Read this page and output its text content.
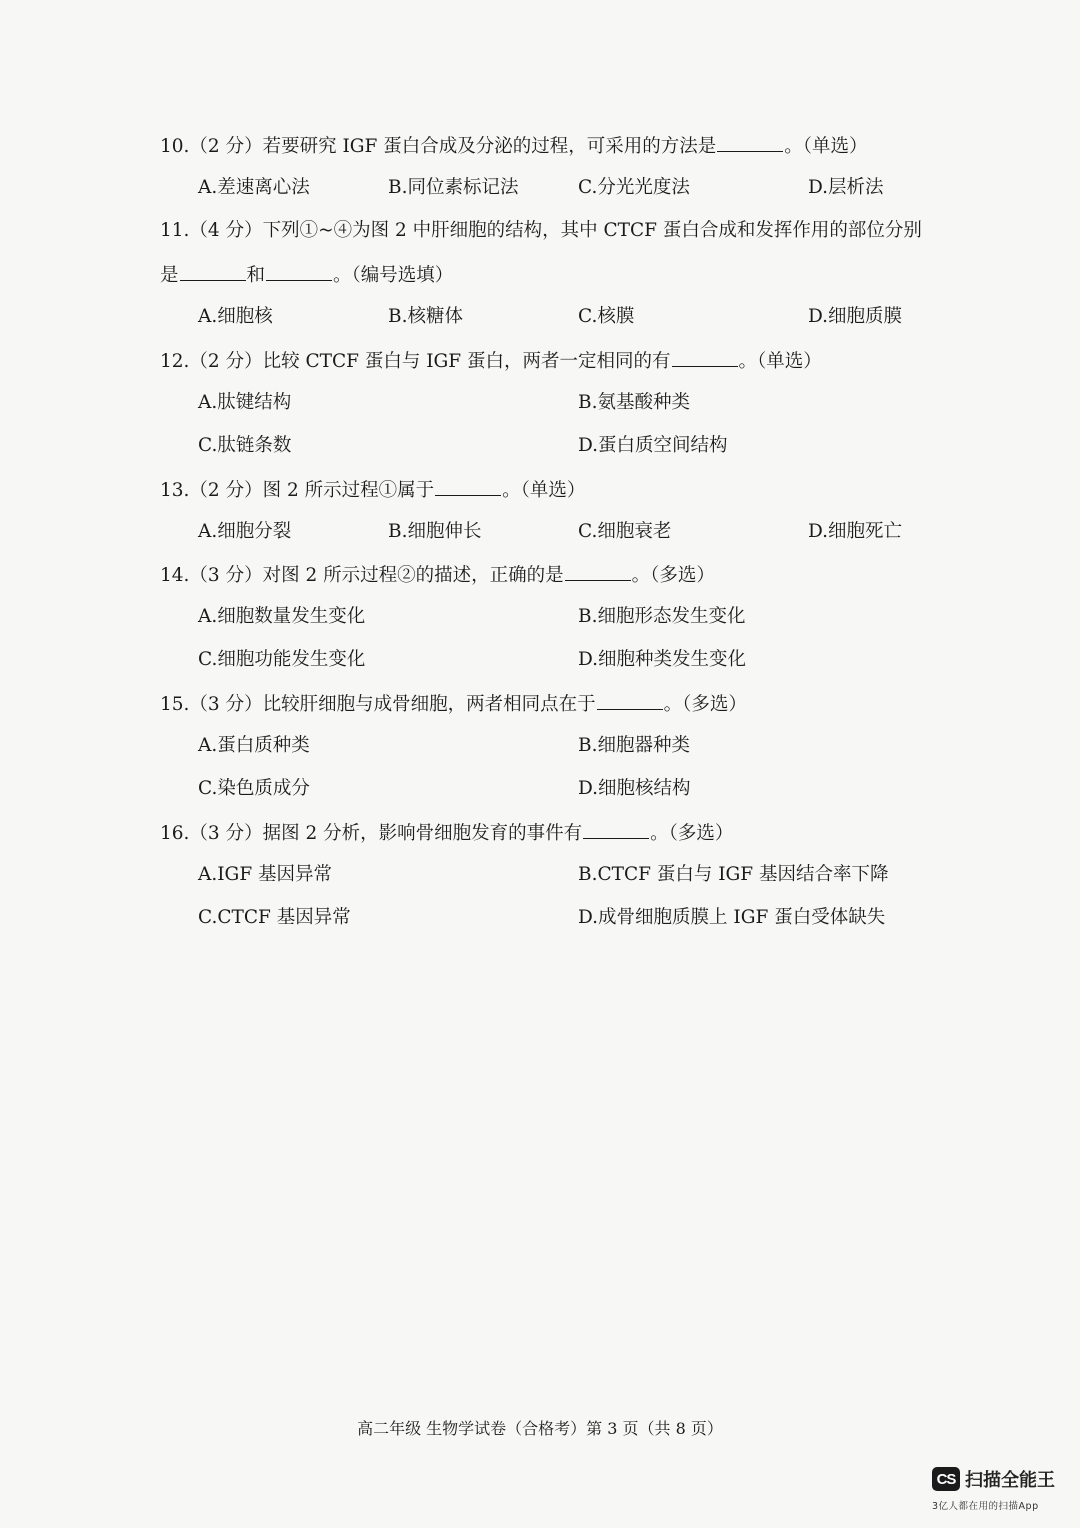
10.（2 分）若要研究 IGF 蛋白合成及分泌的过程，可采用的方法是	。（单选）
A.差速离心法	B.同位素标记法	C.分光光度法	D.层析法
11.（4 分）下列①~④为图 2 中肝细胞的结构，其中 CTCF 蛋白合成和发挥作用的部位分别
是	和	。（编号选填）
A.细胞核	B.核糖体	C.核膜	D.细胞质膜
12.（2 分）比较 CTCF 蛋白与 IGF 蛋白，两者一定相同的有	。（单选）
A.肽键结构	B.氨基酸种类
C.肽链条数	D.蛋白质空间结构
13.（2 分）图 2 所示过程①属于	。（单选）
A.细胞分裂	B.细胞伸长	C.细胞衰老	D.细胞死亡
14.（3 分）对图 2 所示过程②的描述，正确的是	。（多选）
A.细胞数量发生变化	B.细胞形态发生变化
C.细胞功能发生变化	D.细胞种类发生变化
15.（3 分）比较肝细胞与成骨细胞，两者相同点在于	。（多选）
A.蛋白质种类	B.细胞器种类
C.染色质成分	D.细胞核结构
16.（3 分）据图 2 分析，影响骨细胞发育的事件有	。（多选）
A.IGF 基因异常	B.CTCF 蛋白与 IGF 基因结合率下降
C.CTCF 基因异常	D.成骨细胞质膜上 IGF 蛋白受体缺失
高二年级 生物学试卷（合格考）第 3 页（共 8 页）
CS 扫描全能王
3亿人都在用的扫描App
